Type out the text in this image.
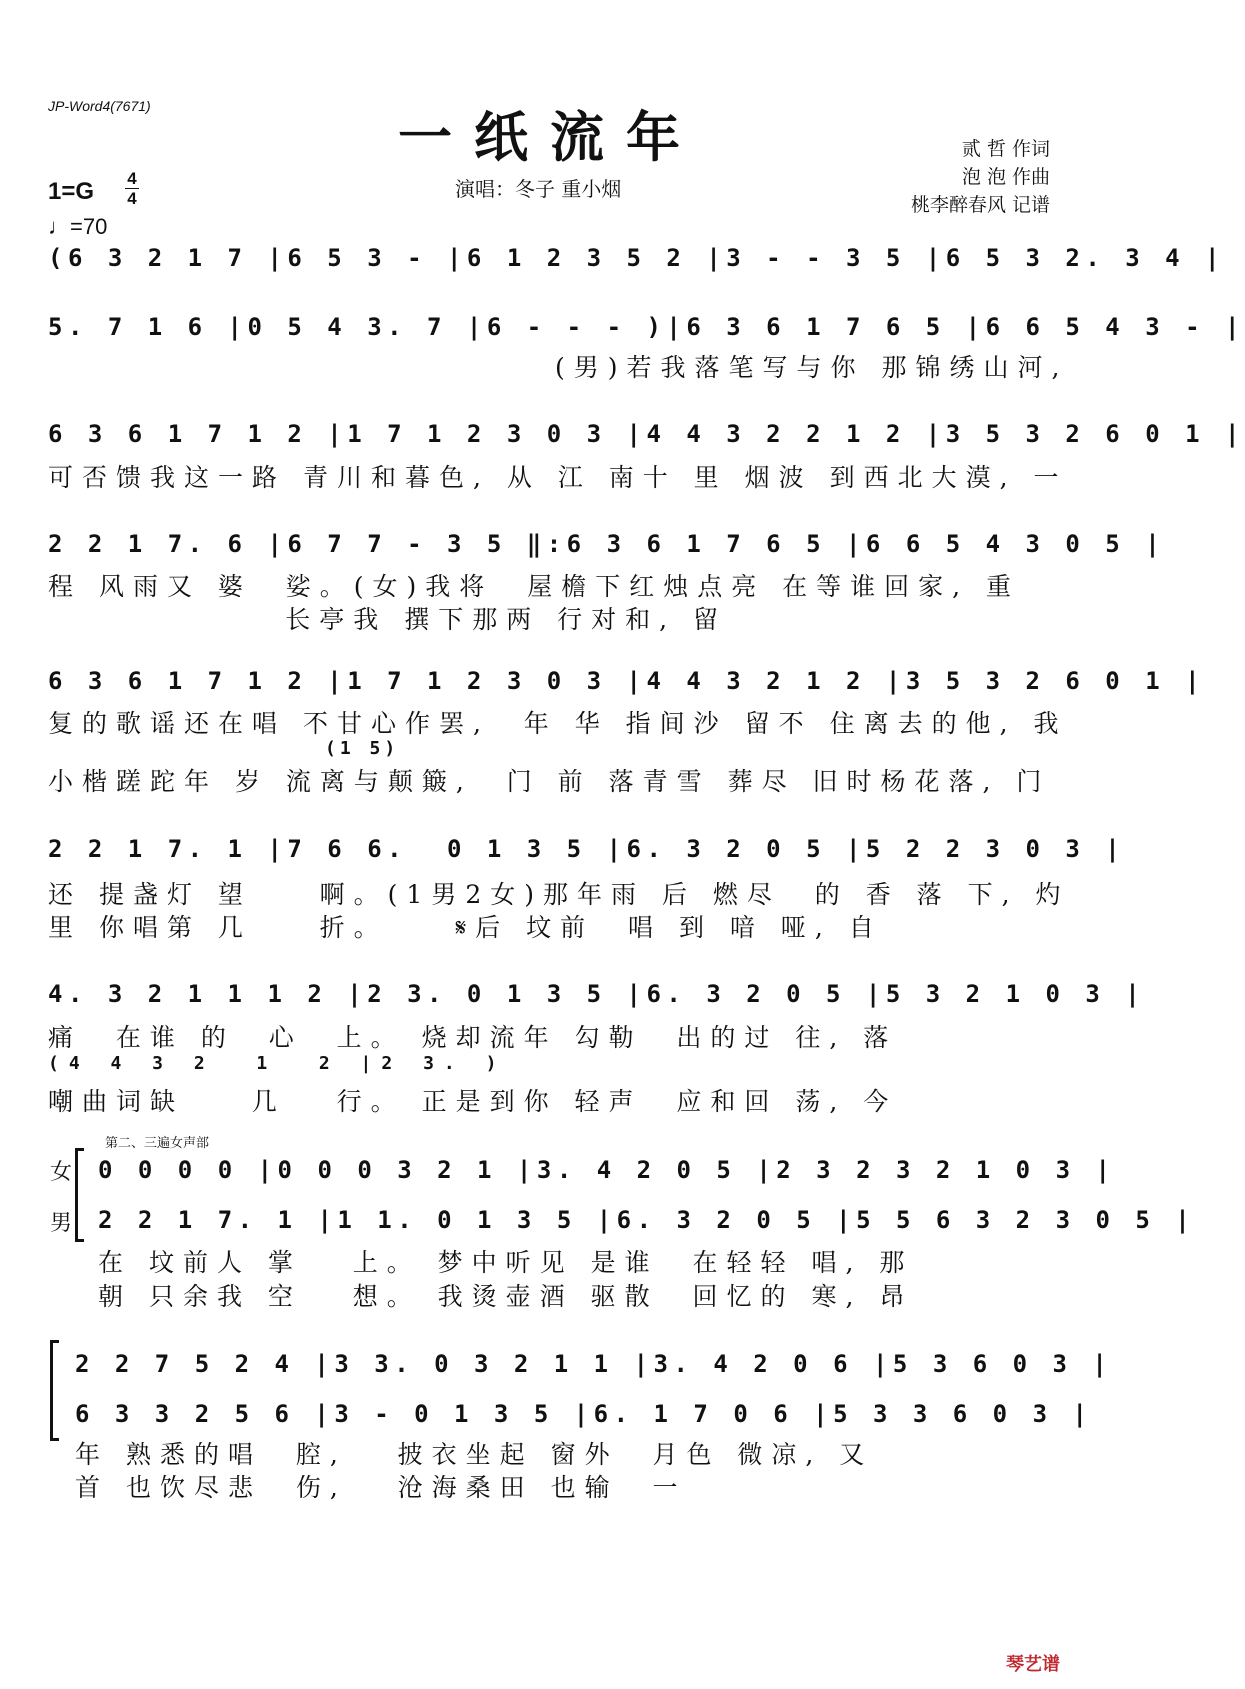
JP-Word4(7671)	一纸流年
演唱：冬子 重小烟
贰 哲 作词
泡 泡 作曲
桃李醉春风 记谱
1=G 4
4
♩=70
(6 3 2 1 7 |6 5 3 - |6 1 2 3 5 2 |3 - - 3 5 |6 5 3 2. 3 4 |
5. 7 1 6 |0 5 4 3. 7 |6 - - - )|6 3 6 1 7 6 5 |6 6 5 4 3 - |
(男)若我落笔写与你 那锦绣山河,
6 3 6 1 7 1 2 |1 7 1 2 3 0 3 |4 4 3 2 2 1 2 |3 5 3 2 6 0 1 |
可否馈我这一路 青川和暮色, 从 江 南十 里 烟波 到西北大漠, 一
2 2 1 7. 6 |6 7 7 - 3 5 ‖:6 3 6 1 7 6 5 |6 6 5 4 3 0 5 |
程 风雨又 婆  娑。(女)我将  屋檐下红烛点亮 在等谁回家, 重
长亭我 撰下那两 行对和, 留
6 3 6 1 7 1 2 |1 7 1 2 3 0 3 |4 4 3 2 1 2 |3 5 3 2 6 0 1 |
复的歌谣还在唱 不甘心作罢,  年 华 指间沙 留不 住离去的他, 我
(1 5)
小楷蹉跎年 岁 流离与颠簸,  门 前 落青雪 葬尽 旧时杨花落, 门
2 2 1 7. 1 |7 6 6.  0 1 3 5 |6. 3 2 0 5 |5 2 2 3 0 3 |
还 提盏灯 望    啊。(1男2女)那年雨 后 燃尽  的 香 落 下, 灼
里 你唱第 几    折。    𝄋后 坟前  唱 到 喑 哑, 自
4. 3 2 1 1 1 2 |2 3. 0 1 3 5 |6. 3 2 0 5 |5 3 2 1 0 3 |
痛  在谁 的  心  上。 烧却流年 勾勒  出的过 往, 落
(4 4 3 2  1  2 |2 3. )
嘲曲词缺    几   行。 正是到你 轻声  应和回 荡, 今
第二、三遍女声部
女
男
0 0 0 0 |0 0 0 3 2 1 |3. 4 2 0 5 |2 3 2 3 2 1 0 3 |
2 2 1 7. 1 |1 1. 0 1 3 5 |6. 3 2 0 5 |5 5 6 3 2 3 0 5 |
在 坟前人 掌   上。 梦中听见 是谁  在轻轻 唱, 那
朝 只余我 空   想。 我烫壶酒 驱散  回忆的 寒, 昂
2 2 7 5 2 4 |3 3. 0 3 2 1 1 |3. 4 2 0 6 |5 3 6 0 3 |
6 3 3 2 5 6 |3 - 0 1 3 5 |6. 1 7 0 6 |5 3 3 6 0 3 |
年 熟悉的唱  腔,   披衣坐起 窗外  月色 微凉, 又
首 也饮尽悲  伤,   沧海桑田 也输  一
琴艺谱
